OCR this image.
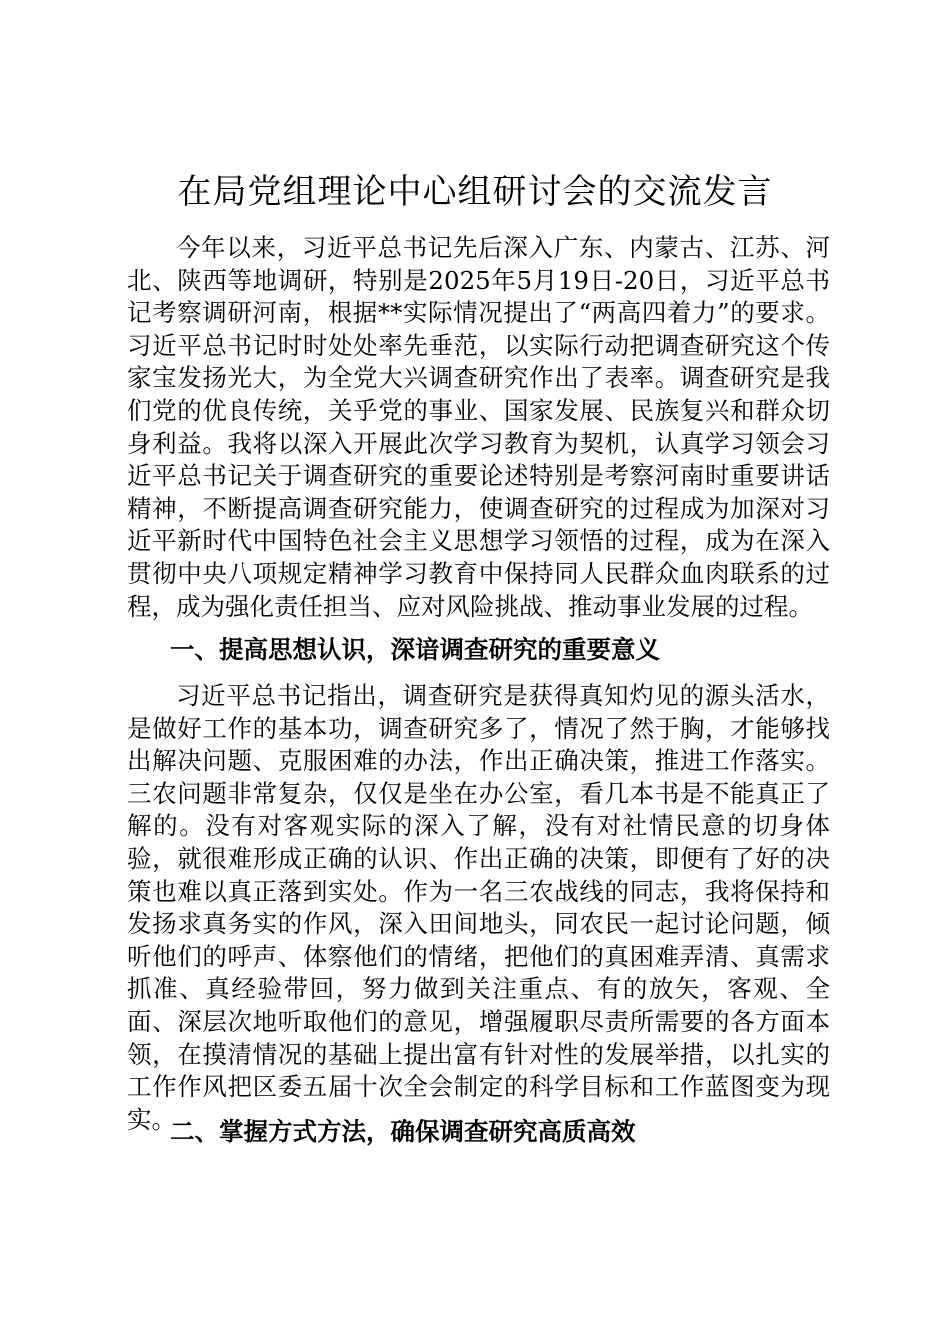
在局党组理论中心组研讨会的交流发言

今年以来，习近平总书记先后深入广东、内蒙古、江苏、河北、陕西等地调研，特别是2025年5月19日-20日，习近平总书记考察调研河南，根据**实际情况提出了“两高四着力”的要求。习近平总书记时时处处率先垂范，以实际行动把调查研究这个传家宝发扬光大，为全党大兴调查研究作出了表率。调查研究是我们党的优良传统，关乎党的事业、国家发展、民族复兴和群众切身利益。我将以深入开展此次学习教育为契机，认真学习领会习近平总书记关于调查研究的重要论述特别是考察河南时重要讲话精神，不断提高调查研究能力，使调查研究的过程成为加深对习近平新时代中国特色社会主义思想学习领悟的过程，成为在深入贯彻中央八项规定精神学习教育中保持同人民群众血肉联系的过程，成为强化责任担当、应对风险挑战、推动事业发展的过程。

一、提高思想认识，深谙调查研究的重要意义

习近平总书记指出，调查研究是获得真知灼见的源头活水，是做好工作的基本功，调查研究多了，情况了然于胸，才能够找出解决问题、克服困难的办法，作出正确决策，推进工作落实。三农问题非常复杂，仅仅是坐在办公室，看几本书是不能真正了解的。没有对客观实际的深入了解，没有对社情民意的切身体验，就很难形成正确的认识、作出正确的决策，即便有了好的决策也难以真正落到实处。作为一名三农战线的同志，我将保持和发扬求真务实的作风，深入田间地头，同农民一起讨论问题，倾听他们的呼声、体察他们的情绪，把他们的真困难弄清、真需求抓准、真经验带回，努力做到关注重点、有的放矢，客观、全面、深层次地听取他们的意见，增强履职尽责所需要的各方面本领，在摸清情况的基础上提出富有针对性的发展举措，以扎实的工作作风把区委五届十次全会制定的科学目标和工作蓝图变为现实。

二、掌握方式方法，确保调查研究高质高效
